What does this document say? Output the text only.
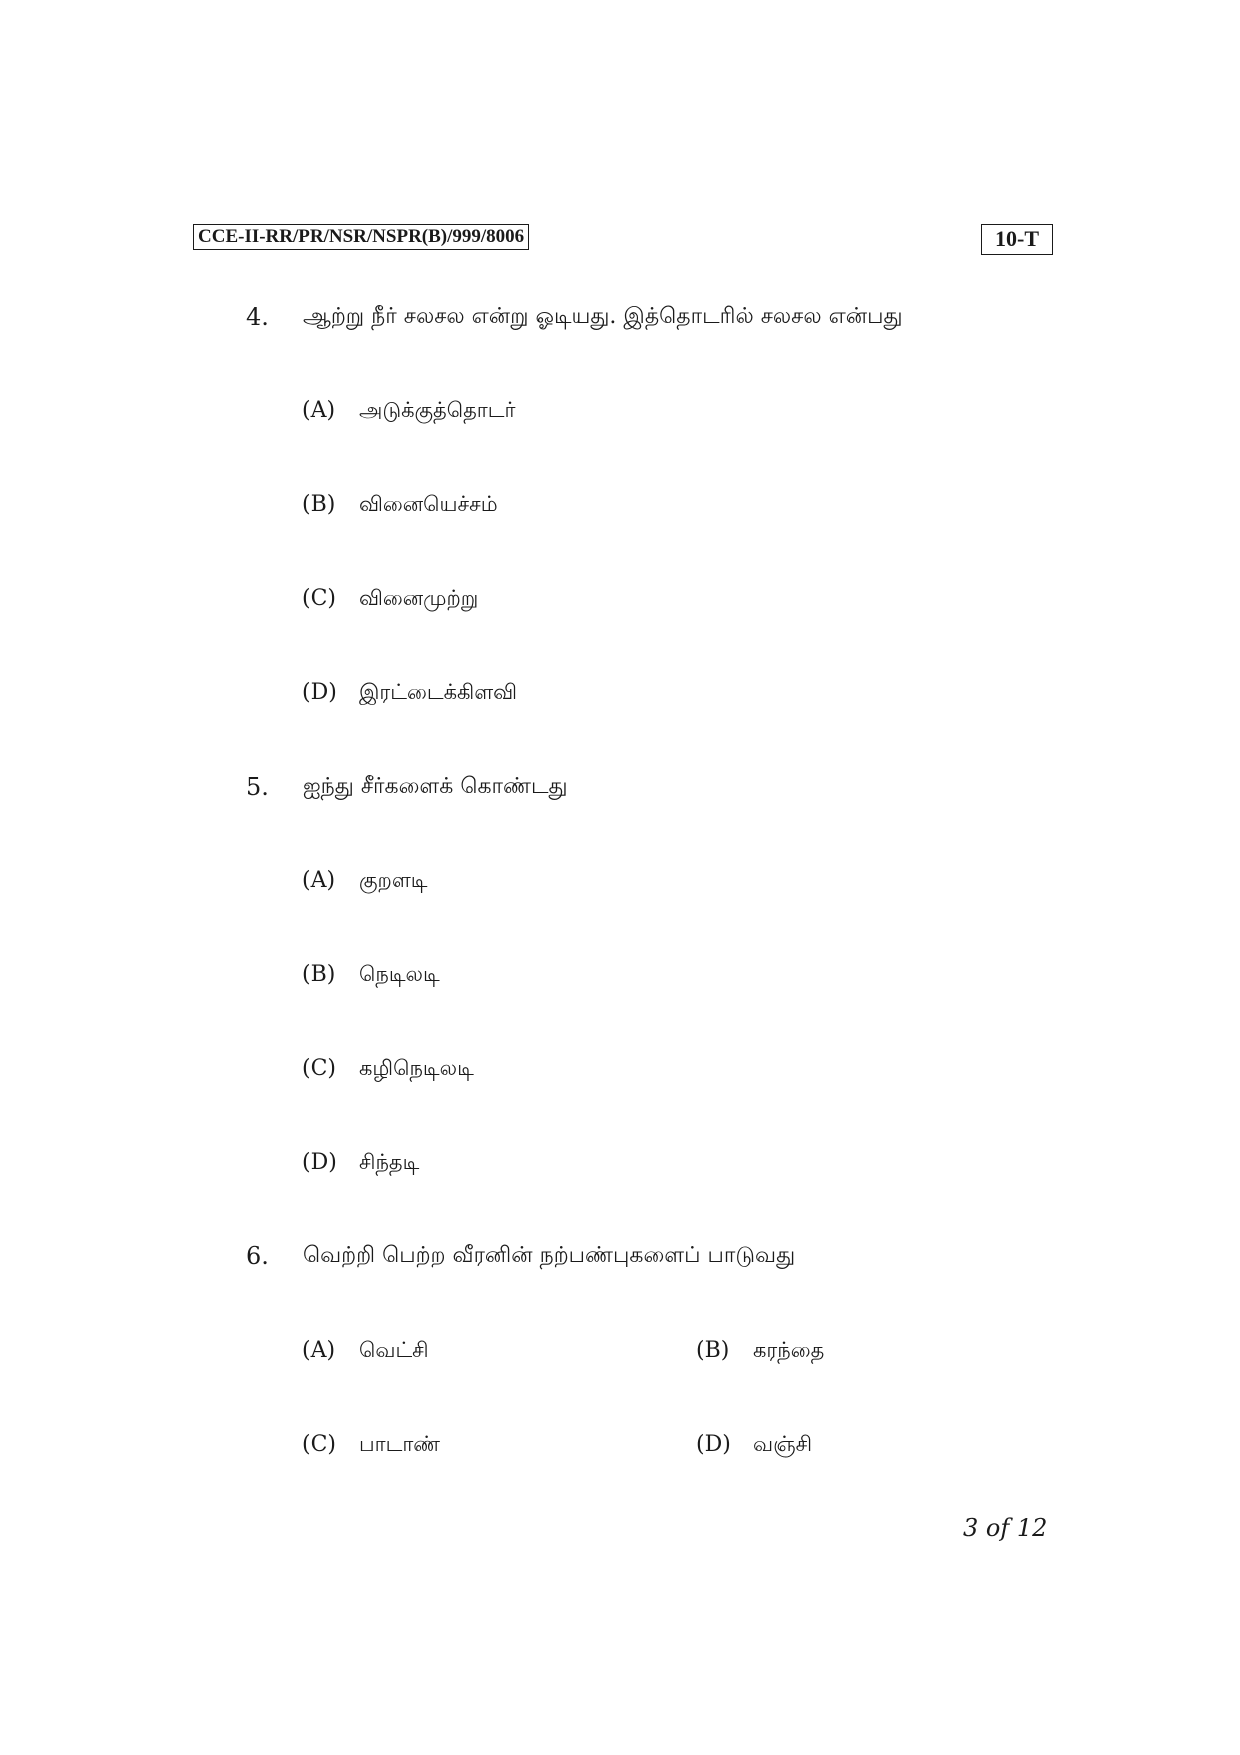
CCE-II-RR/PR/NSR/NSPR(B)/999/8006	10-T
4. ஆற்று நீர் சலசல என்று ஓடியது. இத்தொடரில் சலசல என்பது
(A) அடுக்குத்தொடர்
(B) வினையெச்சம்
(C) வினைமுற்று
(D) இரட்டைக்கிளவி
5. ஐந்து சீர்களைக் கொண்டது
(A) குறளடி
(B) நெடிலடி
(C) கழிநெடிலடி
(D) சிந்தடி
6. வெற்றி பெற்ற வீரனின் நற்பண்புகளைப் பாடுவது
(A) வெட்சி	(B) கரந்தை
(C) பாடாண்	(D) வஞ்சி
3 of 12
